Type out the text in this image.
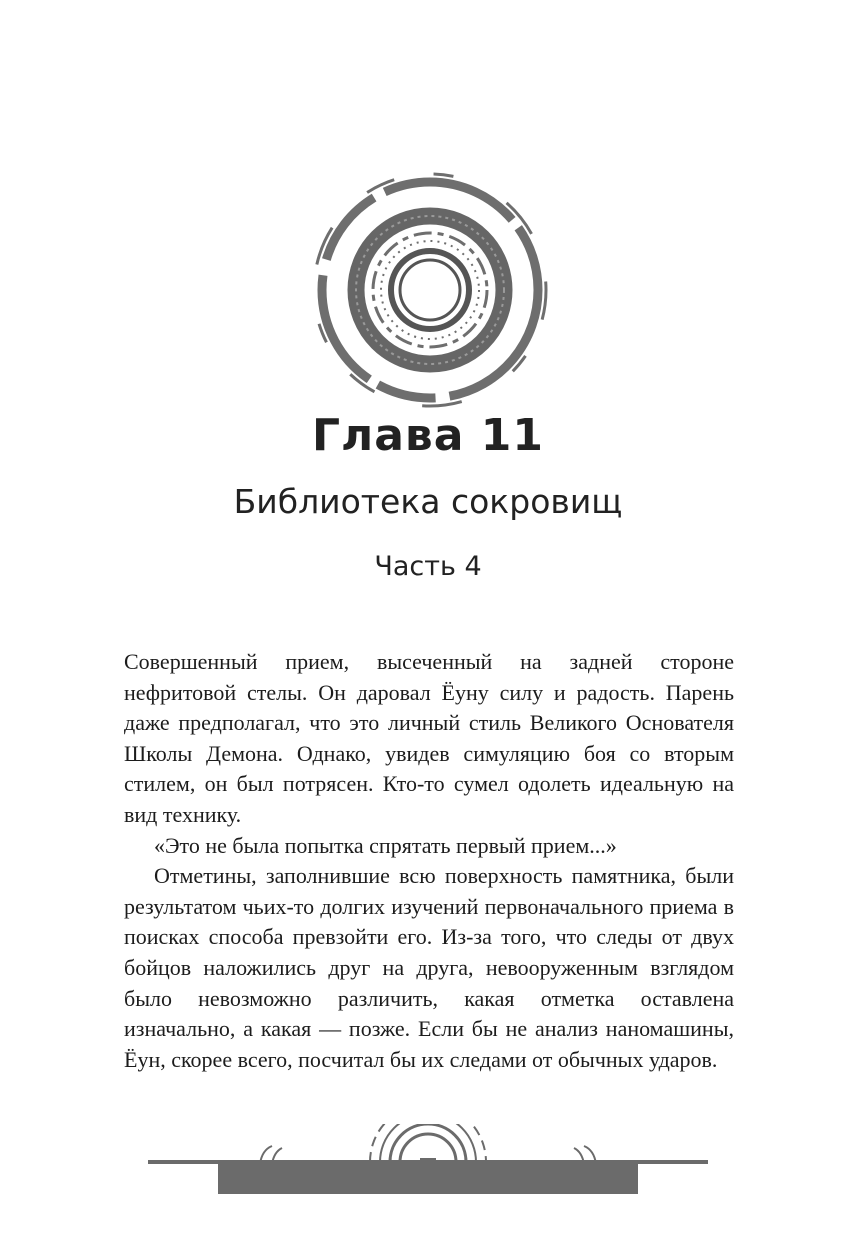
Глава 11
Библиотека сокровищ
Часть 4

Совершенный прием, высеченный на задней стороне нефритовой стелы. Он даровал Ёуну силу и радость. Парень даже предполагал, что это личный стиль Великого Основателя Школы Демона. Однако, увидев симуляцию боя со вторым стилем, он был потрясен. Кто-то сумел одолеть идеальную на вид технику.

«Это не была попытка спрятать первый прием...»

Отметины, заполнившие всю поверхность памятника, были результатом чьих-то долгих изучений первоначального приема в поисках способа превзойти его. Из-за того, что следы от двух бойцов наложились друг на друга, невооруженным взглядом было невозможно различить, какая отметка оставлена изначально, а какая — позже. Если бы не анализ наномашины, Ёун, скорее всего, посчитал бы их следами от обычных ударов.
